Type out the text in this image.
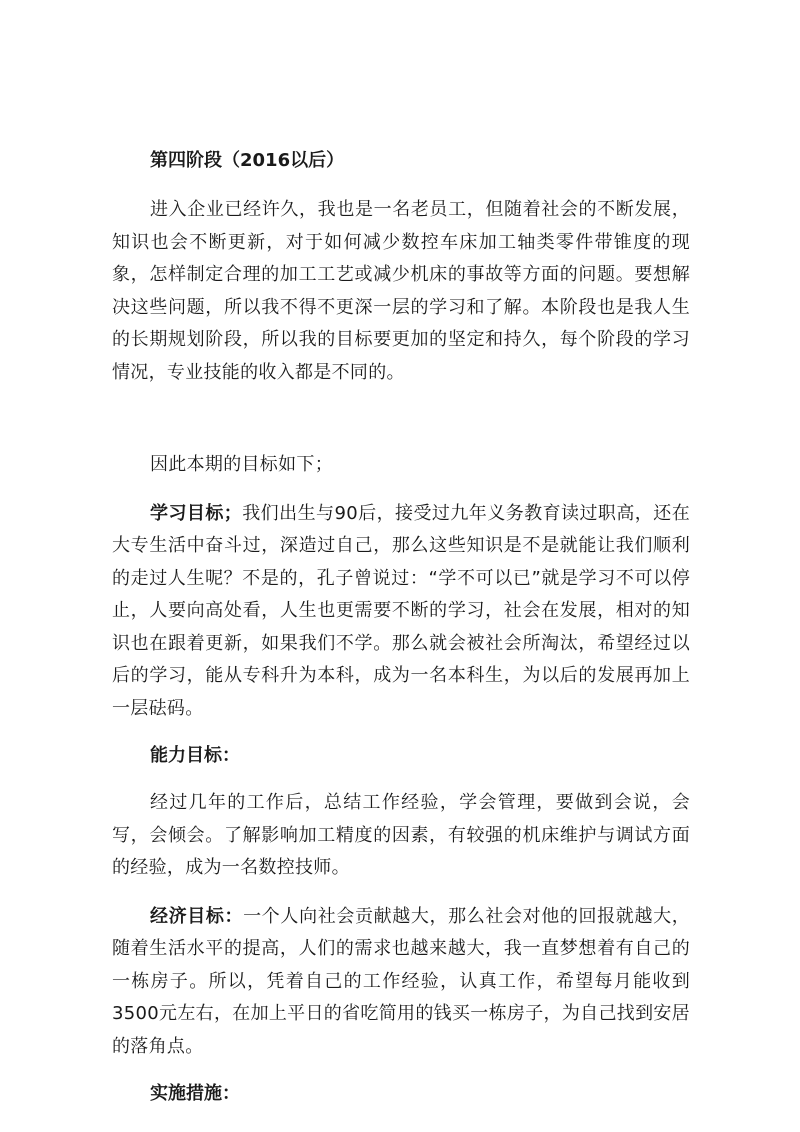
第四阶段（2016以后）

进入企业已经许久，我也是一名老员工，但随着社会的不断发展，知识也会不断更新，对于如何减少数控车床加工轴类零件带锥度的现象，怎样制定合理的加工工艺或减少机床的事故等方面的问题。要想解决这些问题，所以我不得不更深一层的学习和了解。本阶段也是我人生的长期规划阶段，所以我的目标要更加的坚定和持久，每个阶段的学习情况，专业技能的收入都是不同的。

因此本期的目标如下；

学习目标；我们出生与90后，接受过九年义务教育读过职高，还在大专生活中奋斗过，深造过自己，那么这些知识是不是就能让我们顺利的走过人生呢？不是的，孔子曾说过：“学不可以已”就是学习不可以停止，人要向高处看，人生也更需要不断的学习，社会在发展，相对的知识也在跟着更新，如果我们不学。那么就会被社会所淘汰，希望经过以后的学习，能从专科升为本科，成为一名本科生，为以后的发展再加上一层砝码。

能力目标：

经过几年的工作后，总结工作经验，学会管理，要做到会说，会写，会倾会。了解影响加工精度的因素，有较强的机床维护与调试方面的经验，成为一名数控技师。

经济目标：一个人向社会贡献越大，那么社会对他的回报就越大，随着生活水平的提高，人们的需求也越来越大，我一直梦想着有自己的一栋房子。所以，凭着自己的工作经验，认真工作，希望每月能收到3500元左右，在加上平日的省吃简用的钱买一栋房子，为自己找到安居的落角点。

实施措施：
